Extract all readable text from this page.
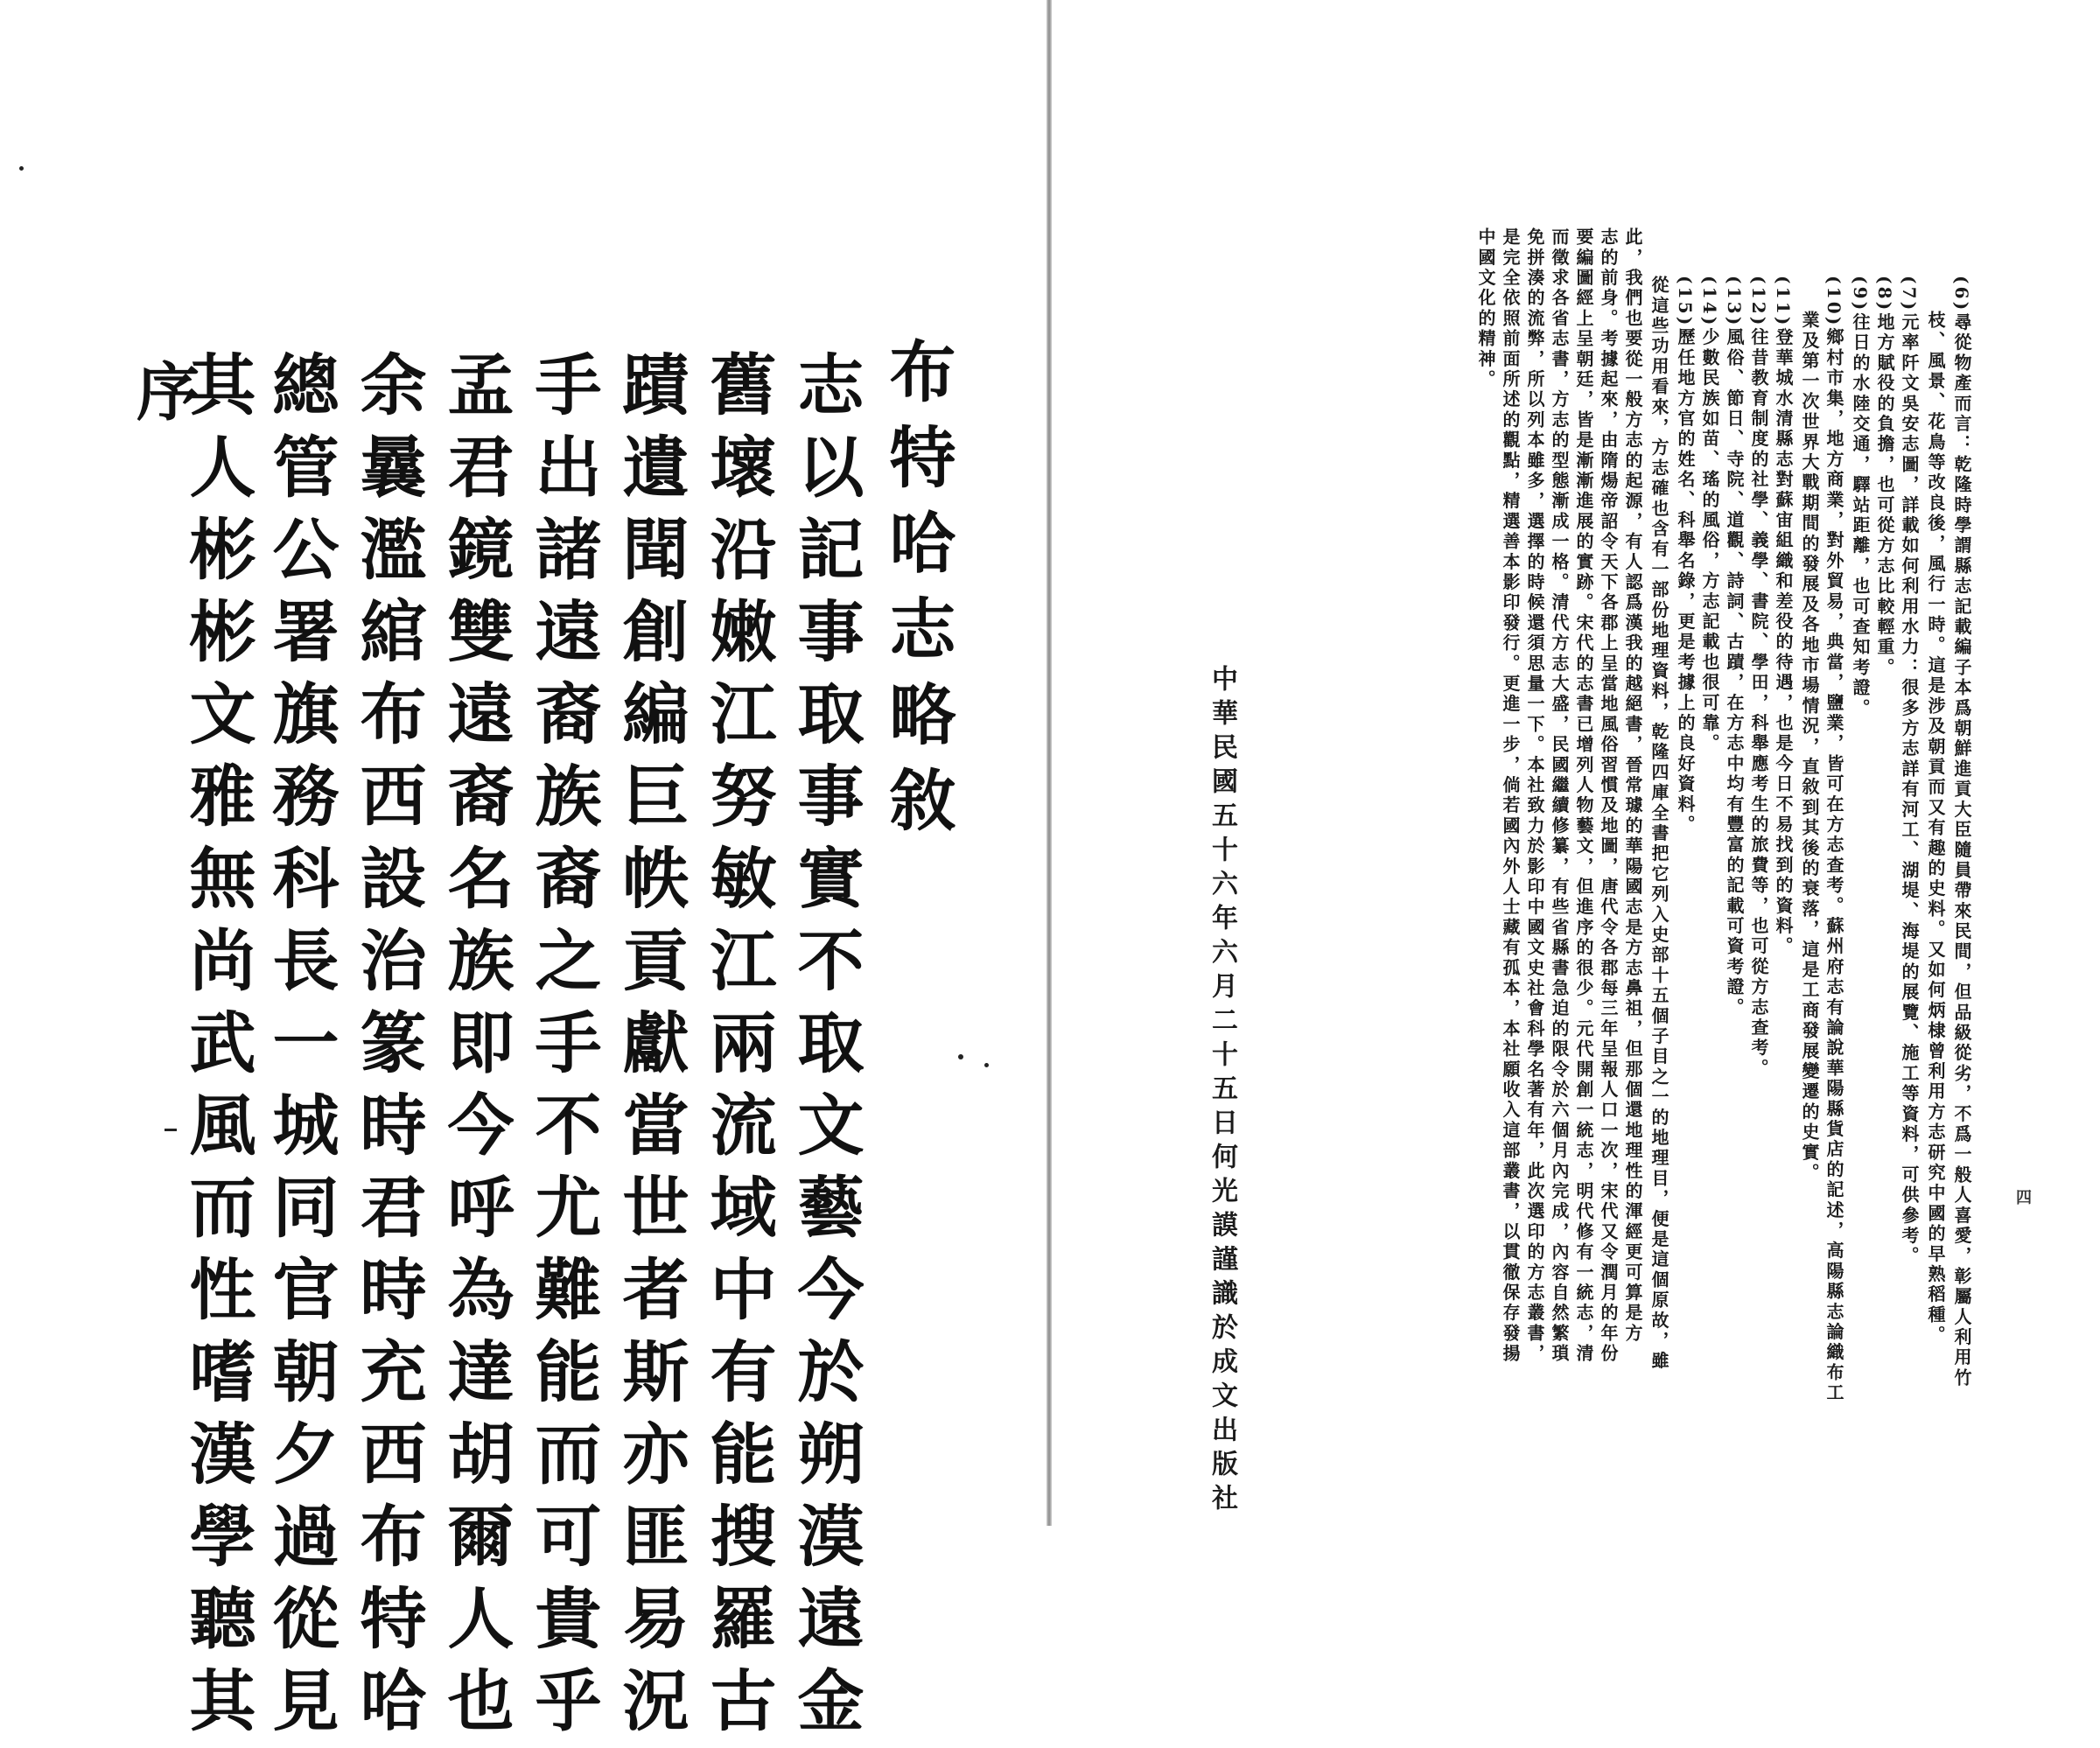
布特哈志略敘
志以記事取事實不取文藝今於朔漠遠金
舊壞沿嫩江努敏江兩流域中有能搜羅古
蹟遺聞創編巨帙貢獻當世者斯亦匪易況
手出諸遠裔族裔之手不尤難能而可貴乎
孟君鏡雙遠裔名族即今呼為達胡爾人也
余曩濫綰布西設治篆時君時充西布特哈
總管公署旗務科長一城同官朝夕過從見
其人彬彬文雅無尚武風而性嗜漢學聽其
序	(6)尋從物產而言：乾隆時學謂縣志記載編子本爲朝鮮進貢大臣隨員帶來民間，但品級從劣，不爲一般人喜愛，彰屬人利用竹
枝、風景、花鳥等改良後，風行一時。這是涉及朝貢而又有趣的史料。又如何炳棣曾利用方志研究中國的早熟稻種。
(7)元率阡文吳安志圖，詳載如何利用水力：很多方志詳有河工、湖堤、海堤的展覽、施工等資料，可供參考。
(8)地方賦役的負擔，也可從方志比較輕重。
(9)往日的水陸交通，驛站距離，也可查知考證。
(10)鄉村市集，地方商業，對外貿易，典當，鹽業，皆可在方志查考。蘇州府志有論說華陽縣貨店的記述，高陽縣志論織布工
業及第一次世界大戰期間的發展及各地市場情況，直敘到其後的衰落，這是工商發展變遷的史實。
(11)登華城水清縣志對蘇宙組織和差役的待遇，也是今日不易找到的資料。
(12)往昔教育制度的社學、義學、書院、學田，科舉應考生的旅費等，也可從方志查考。
(13)風俗、節日、寺院、道觀、詩詞、古蹟，在方志中均有豐富的記載可資考證。
(14)少數民族如苗、瑤的風俗，方志記載也很可靠。
(15)歷任地方官的姓名、科舉名錄，更是考據上的良好資料。
從這些功用看來，方志確也含有一部份地理資料，乾隆四庫全書把它列入史部十五個子目之一的地理目，便是這個原故，雖
此，我們也要從一般方志的起源，有人認爲漢我的越絕書，晉常璩的華陽國志是方志鼻祖，但那個還地理性的渾經更可算是方
志的前身。考據起來，由隋煬帝詔令天下各郡上呈當地風俗習慣及地圖，唐代令各郡每三年呈報人口一次，宋代又令潤月的年份
要編圖經上呈朝廷，皆是漸漸進展的實跡。宋代的志書已增列人物藝文，但進序的很少。元代開創一統志，明代修有一統志，清
而徵求各省志書，方志的型態漸成一格。清代方志大盛，民國繼續修纂，有些省縣書急迫的限令於六個月內完成，內容自然繁瑣
免拼湊的流弊，所以列本雖多，選擇的時候還須思量一下。本社致力於影印中國文史社會科學名著有年，此次選印的方志叢書，
是完全依照前面所述的觀點，精選善本影印發行。更進一步，倘若國內外人士藏有孤本，本社願收入這部叢書，以貫徹保存發揚
中國文化的精神。
中華民國五十六年六月二十五日何光謨謹識於成文出版社	四
